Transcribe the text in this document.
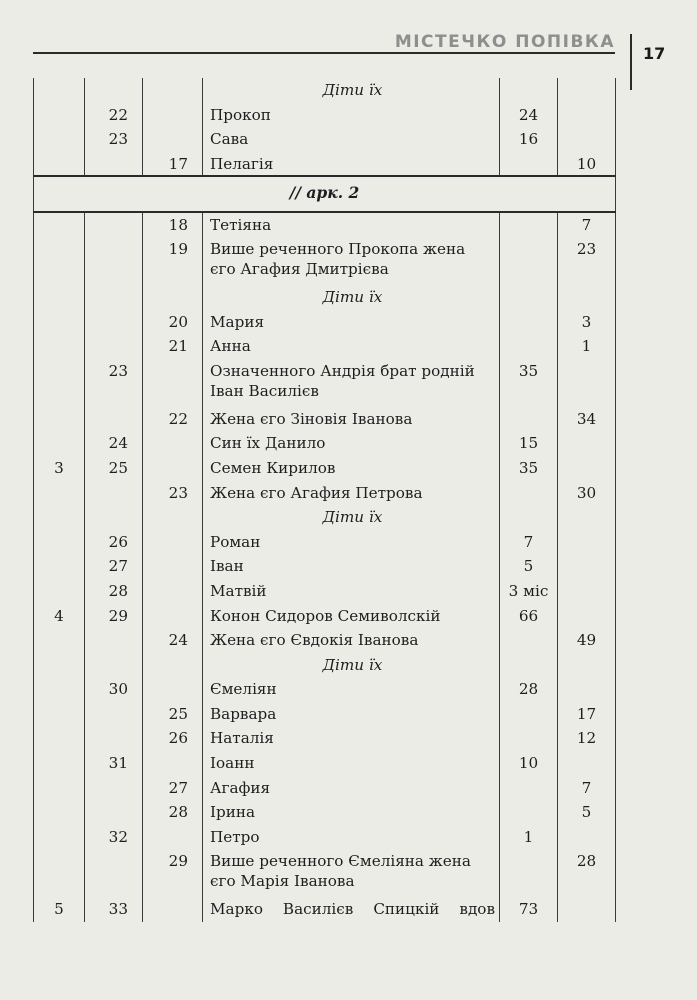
МІСТЕЧКО ПОПІВКА
17
			Діти їх		
	22		Прокоп	24	
	23		Сава	16	
		17	Пелагія		10
// арк. 2					
		18	Тетіяна		7
		19	Више реченного Прокопа жена єго Агафия Дмитрієва		23
			Діти їх		
		20	Мария		3
		21	Анна		1
	23		Означенного Андрія брат родній Іван Василієв	35	
		22	Жена єго Зіновія Іванова		34
	24		Син їх Данило	15	
3	25		Семен Кирилов	35	
		23	Жена єго Агафия Петрова		30
			Діти їх		
	26		Роман	7	
	27		Іван	5	
	28		Матвій	3 міс	
4	29		Конон Сидоров Семиволскій	66	
		24	Жена єго Євдокія Іванова		49
			Діти їх		
	30		Ємеліян	28	
		25	Варвара		17
		26	Наталія		12
	31		Іоанн	10	
		27	Агафия		7
		28	Ірина		5
	32		Петро	1	
		29	Више реченного Ємеліяна жена єго Марія Іванова		28
5	33		Марко Василієв Спицкій вдов	73	
